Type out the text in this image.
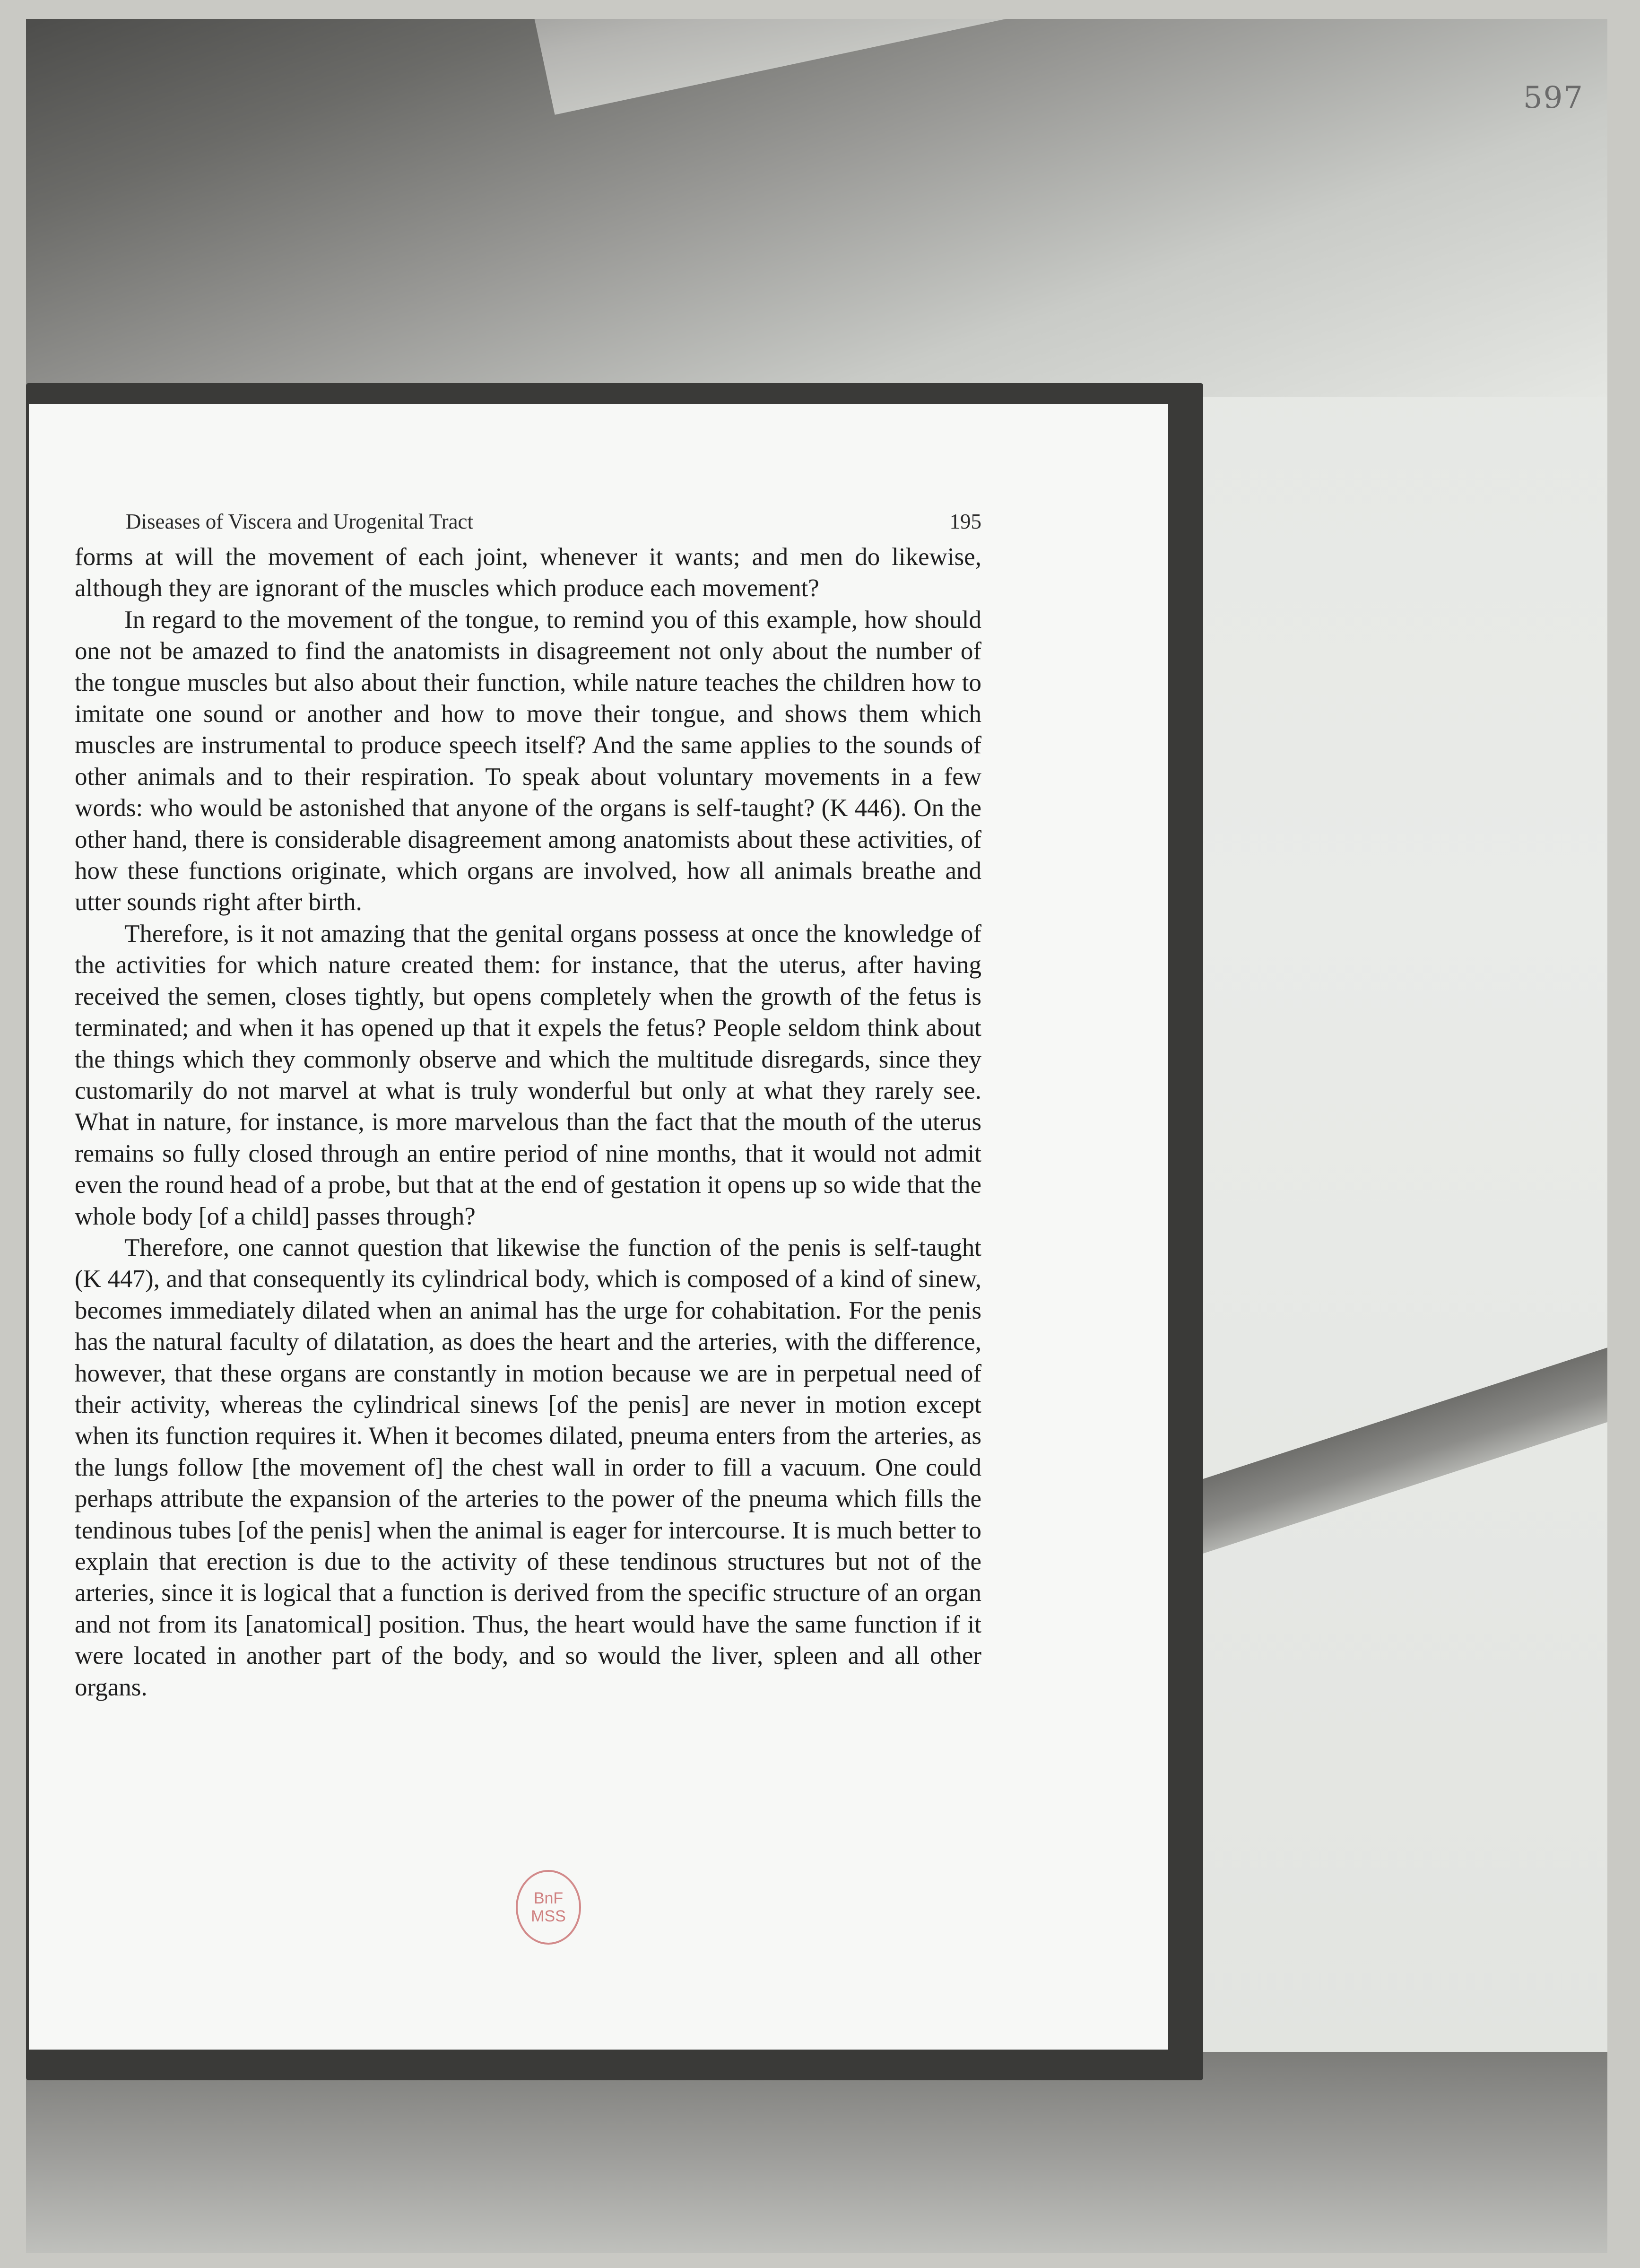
597
Diseases of Viscera and Urogenital Tract	195

forms at will the movement of each joint, whenever it wants; and men do likewise, although they are ignorant of the muscles which produce each movement?

In regard to the movement of the tongue, to remind you of this example, how should one not be amazed to find the anatomists in disagreement not only about the number of the tongue muscles but also about their function, while nature teaches the children how to imitate one sound or another and how to move their tongue, and shows them which muscles are instrumental to produce speech itself? And the same applies to the sounds of other animals and to their respiration. To speak about voluntary movements in a few words: who would be astonished that anyone of the organs is self-taught? (K 446). On the other hand, there is considerable disagreement among anatomists about these activities, of how these functions originate, which organs are involved, how all animals breathe and utter sounds right after birth.

Therefore, is it not amazing that the genital organs possess at once the knowledge of the activities for which nature created them: for instance, that the uterus, after having received the semen, closes tightly, but opens completely when the growth of the fetus is terminated; and when it has opened up that it expels the fetus? People seldom think about the things which they commonly observe and which the multitude disregards, since they customarily do not marvel at what is truly wonderful but only at what they rarely see. What in nature, for instance, is more marvelous than the fact that the mouth of the uterus remains so fully closed through an entire period of nine months, that it would not admit even the round head of a probe, but that at the end of gestation it opens up so wide that the whole body [of a child] passes through?

Therefore, one cannot question that likewise the function of the penis is self-taught (K 447), and that consequently its cylindrical body, which is composed of a kind of sinew, becomes immediately dilated when an animal has the urge for cohabitation. For the penis has the natural faculty of dilatation, as does the heart and the arteries, with the difference, however, that these organs are constantly in motion because we are in perpetual need of their activity, whereas the cylindrical sinews [of the penis] are never in motion except when its function requires it. When it becomes dilated, pneuma enters from the arteries, as the lungs follow [the movement of] the chest wall in order to fill a vacuum. One could perhaps attribute the expansion of the arteries to the power of the pneuma which fills the tendinous tubes [of the penis] when the animal is eager for intercourse. It is much better to explain that erection is due to the activity of these tendinous structures but not of the arteries, since it is logical that a function is derived from the specific structure of an organ and not from its [anatomical] position. Thus, the heart would have the same function if it were located in another part of the body, and so would the liver, spleen and all other organs.

BnF
MSS
